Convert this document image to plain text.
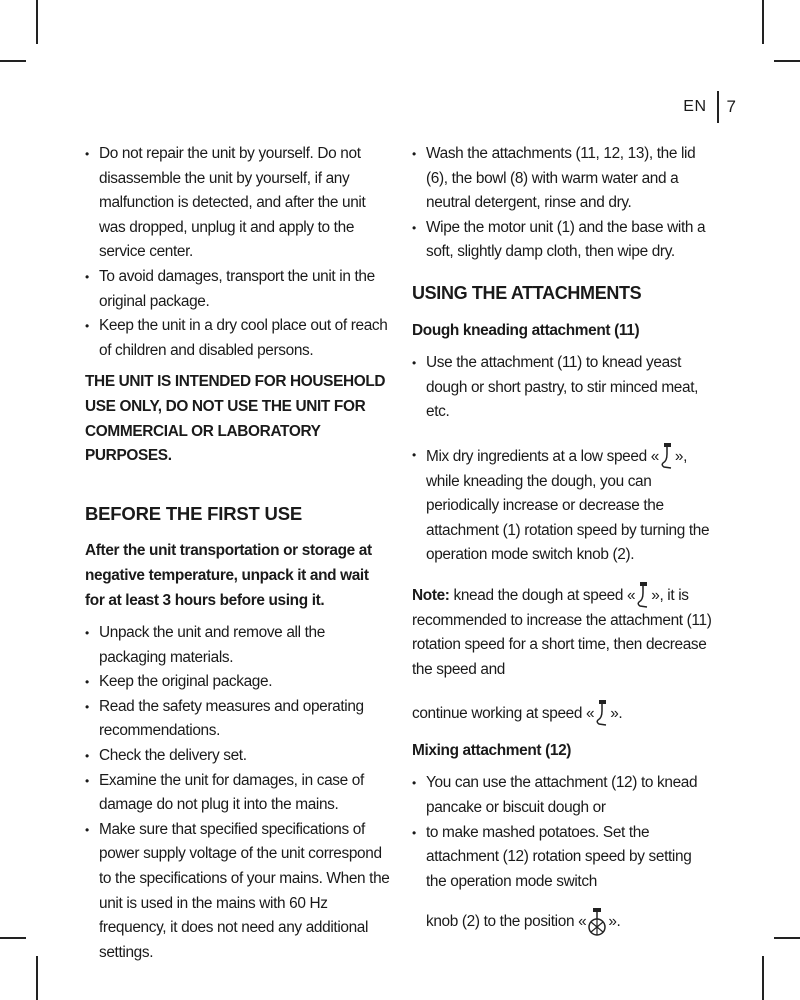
EN 7
• Do not repair the unit by yourself. Do not disassemble the unit by yourself, if any malfunction is detected, and after the unit was dropped, unplug it and apply to the service center.
• To avoid damages, transport the unit in the original package.
• Keep the unit in a dry cool place out of reach of children and disabled persons.

THE UNIT IS INTENDED FOR HOUSEHOLD USE ONLY, DO NOT USE THE UNIT FOR COMMERCIAL OR LABORATORY PURPOSES.

BEFORE THE FIRST USE

After the unit transportation or storage at negative temperature, unpack it and wait for at least 3 hours before using it.

• Unpack the unit and remove all the packaging materials.
• Keep the original package.
• Read the safety measures and operating recommendations.
• Check the delivery set.
• Examine the unit for damages, in case of damage do not plug it into the mains.
• Make sure that specified specifications of power supply voltage of the unit correspond to the specifications of your mains. When the unit is used in the mains with 60 Hz frequency, it does not need any additional settings.
• Wash the attachments (11, 12, 13), the lid (6), the bowl (8) with warm water and a neutral detergent, rinse and dry.
• Wipe the motor unit (1) and the base with a soft, slightly damp cloth, then wipe dry.
USING THE ATTACHMENTS
Dough kneading attachment (11)
• Use the attachment (11) to knead yeast dough or short pastry, to stir minced meat, etc.
• Mix dry ingredients at a low speed « », while kneading the dough, you can periodically increase or decrease the attachment (1) rotation speed by turning the operation mode switch knob (2).

Note: knead the dough at speed « », it is recommended to increase the attachment (11) rotation speed for a short time, then decrease the speed and

continue working at speed « ».

Mixing attachment (12)
• You can use the attachment (12) to knead pancake or biscuit dough or
• to make mashed potatoes. Set the attachment (12) rotation speed by setting the operation mode switch
knob (2) to the position « ».
